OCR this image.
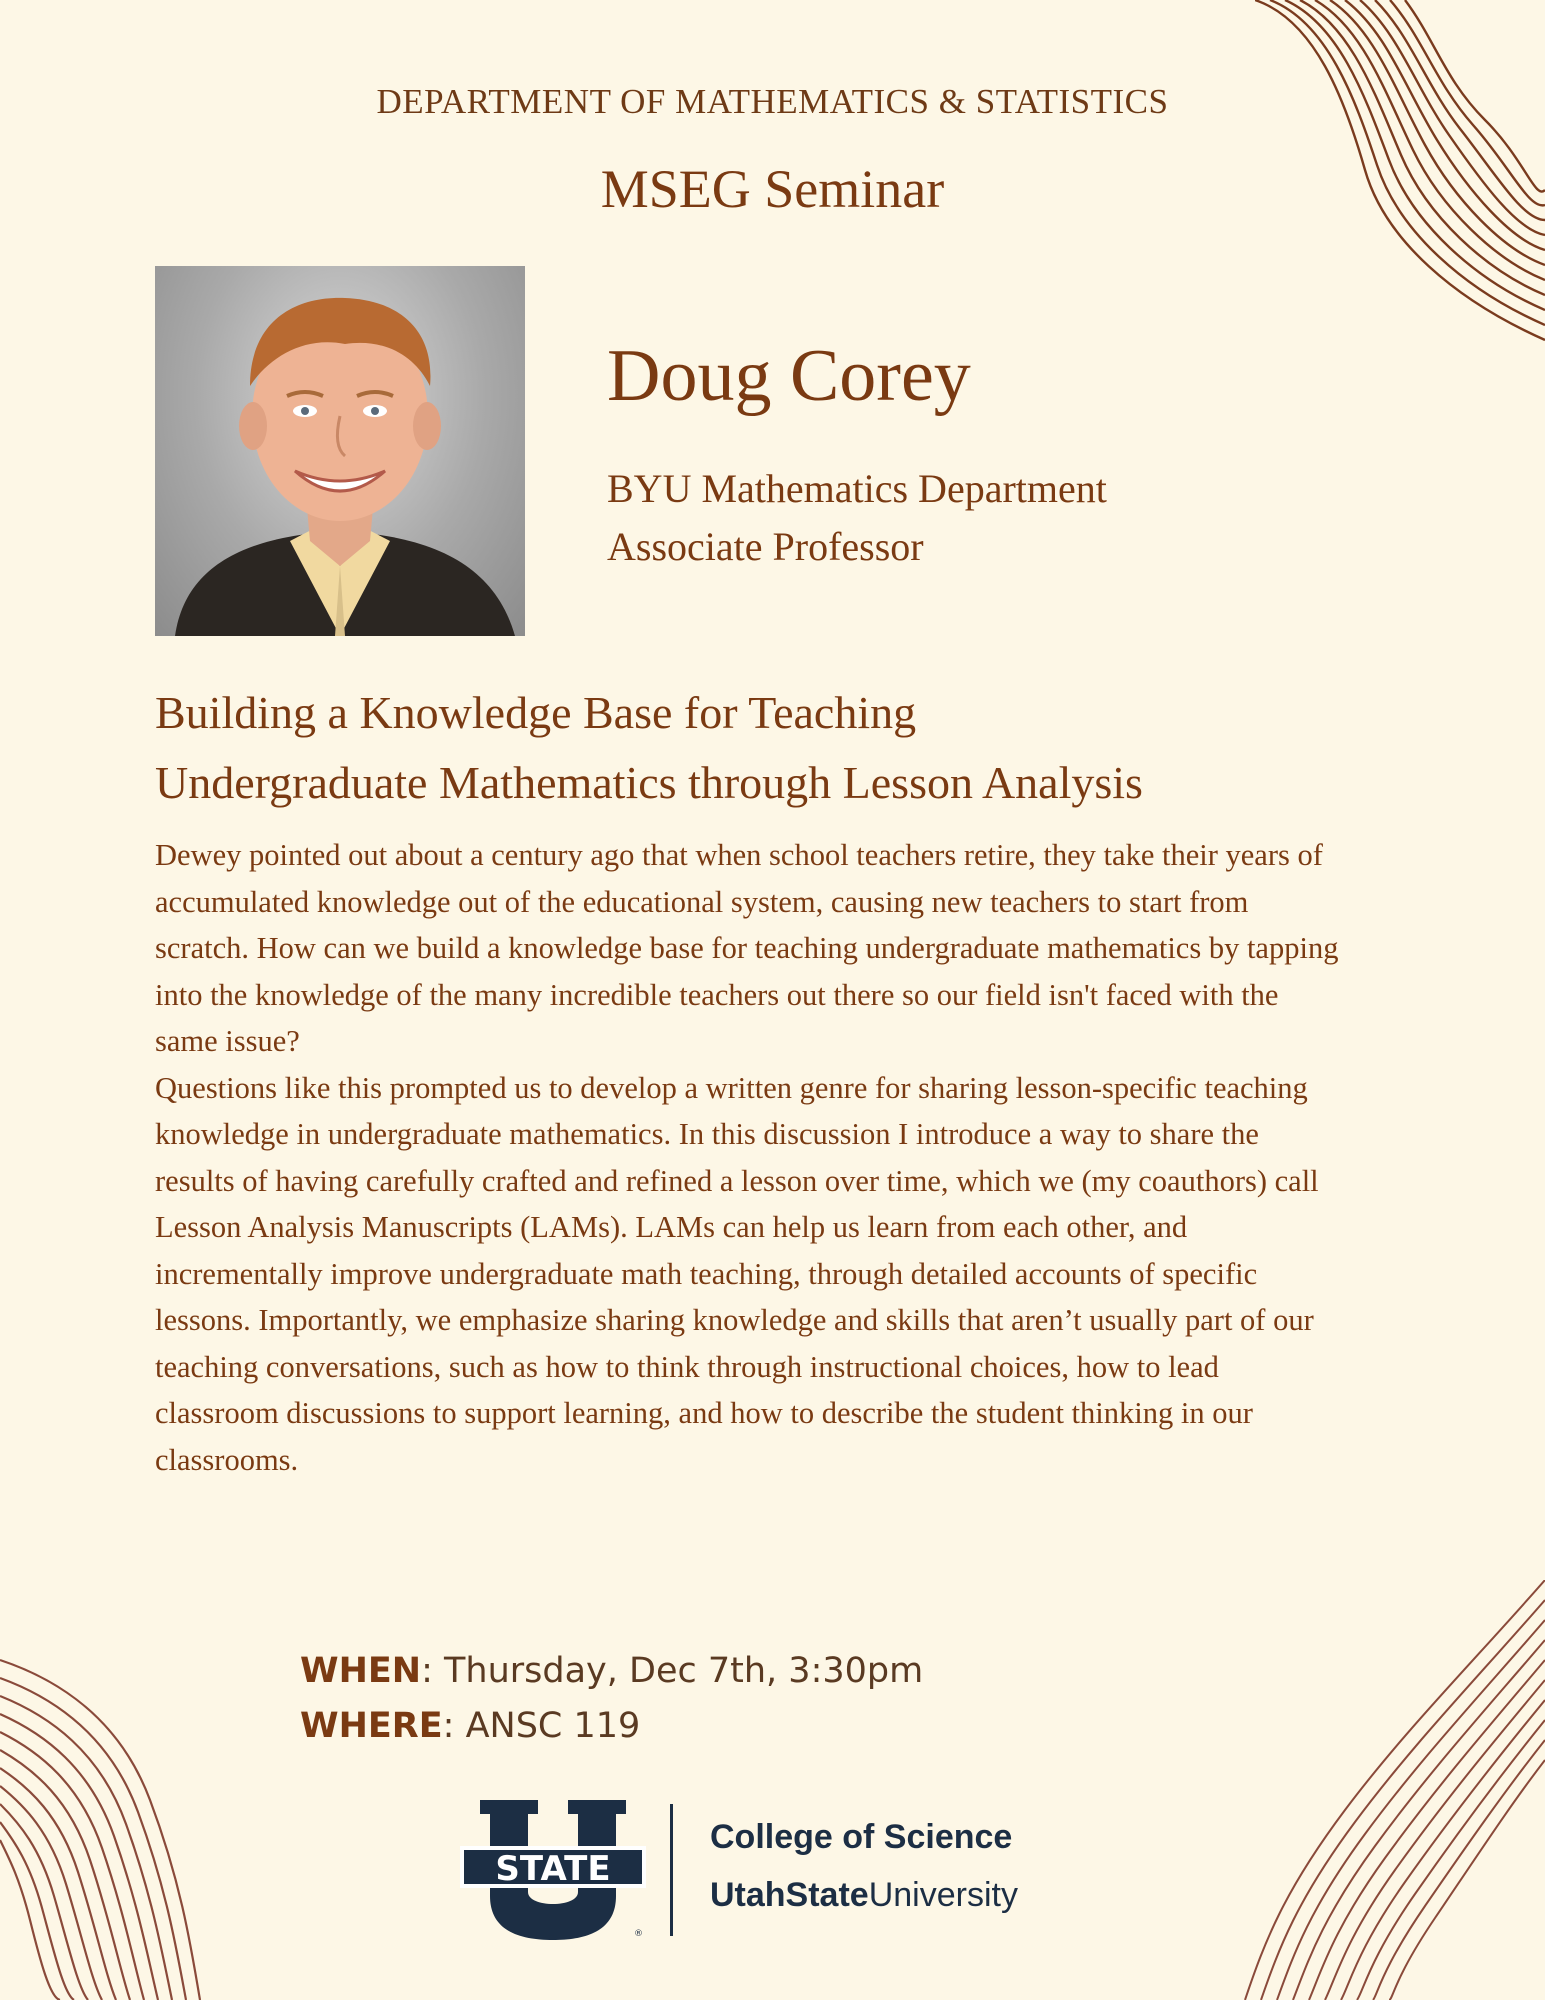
DEPARTMENT OF MATHEMATICS & STATISTICS
MSEG Seminar
Doug Corey
BYU Mathematics Department
Associate Professor
Building a Knowledge Base for Teaching
Undergraduate Mathematics through Lesson Analysis

Dewey pointed out about a century ago that when school teachers retire, they take their years of accumulated knowledge out of the educational system, causing new teachers to start from scratch. How can we build a knowledge base for teaching undergraduate mathematics by tapping into the knowledge of the many incredible teachers out there so our field isn't faced with the same issue?

Questions like this prompted us to develop a written genre for sharing lesson-specific teaching knowledge in undergraduate mathematics. In this discussion I introduce a way to share the results of having carefully crafted and refined a lesson over time, which we (my coauthors) call Lesson Analysis Manuscripts (LAMs). LAMs can help us learn from each other, and incrementally improve undergraduate math teaching, through detailed accounts of specific lessons. Importantly, we emphasize sharing knowledge and skills that aren’t usually part of our teaching conversations, such as how to think through instructional choices, how to lead classroom discussions to support learning, and how to describe the student thinking in our classrooms.

WHEN: Thursday, Dec 7th, 3:30pm
WHERE: ANSC 119
STATE
®
College of Science
UtahStateUniversity
